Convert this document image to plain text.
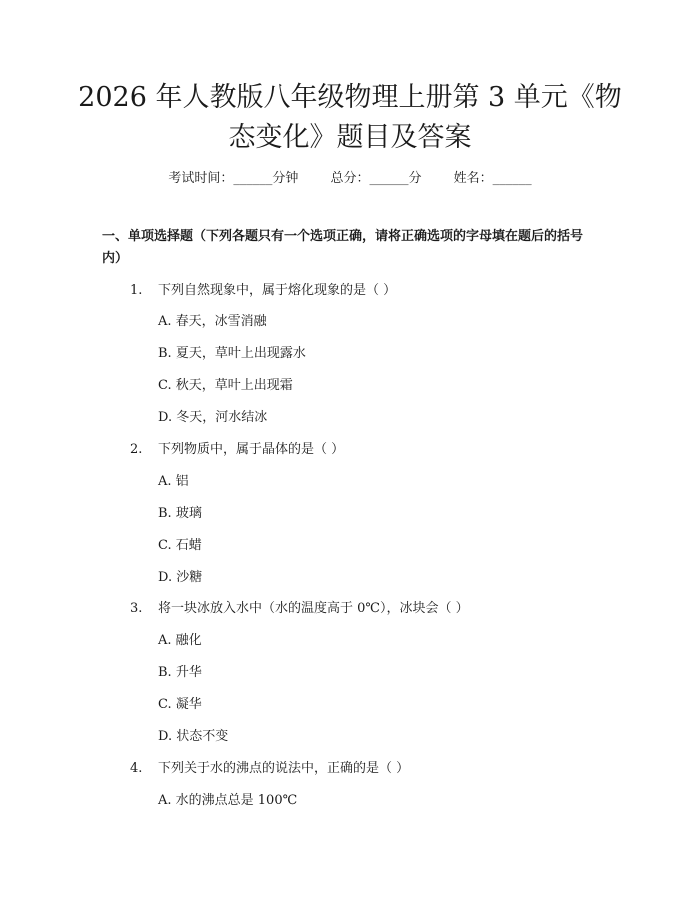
2026 年人教版八年级物理上册第 3 单元《物
态变化》题目及答案
考试时间：______分钟 总分：______分 姓名：______
一、单项选择题（下列各题只有一个选项正确，请将正确选项的字母填在题后的括号内）
1. 下列自然现象中，属于熔化现象的是（ ）
A. 春天，冰雪消融
B. 夏天，草叶上出现露水
C. 秋天，草叶上出现霜
D. 冬天，河水结冰
2. 下列物质中，属于晶体的是（ ）
A. 铝
B. 玻璃
C. 石蜡
D. 沙糖
3. 将一块冰放入水中（水的温度高于 0℃），冰块会（ ）
A. 融化
B. 升华
C. 凝华
D. 状态不变
4. 下列关于水的沸点的说法中，正确的是（ ）
A. 水的沸点总是 100℃
